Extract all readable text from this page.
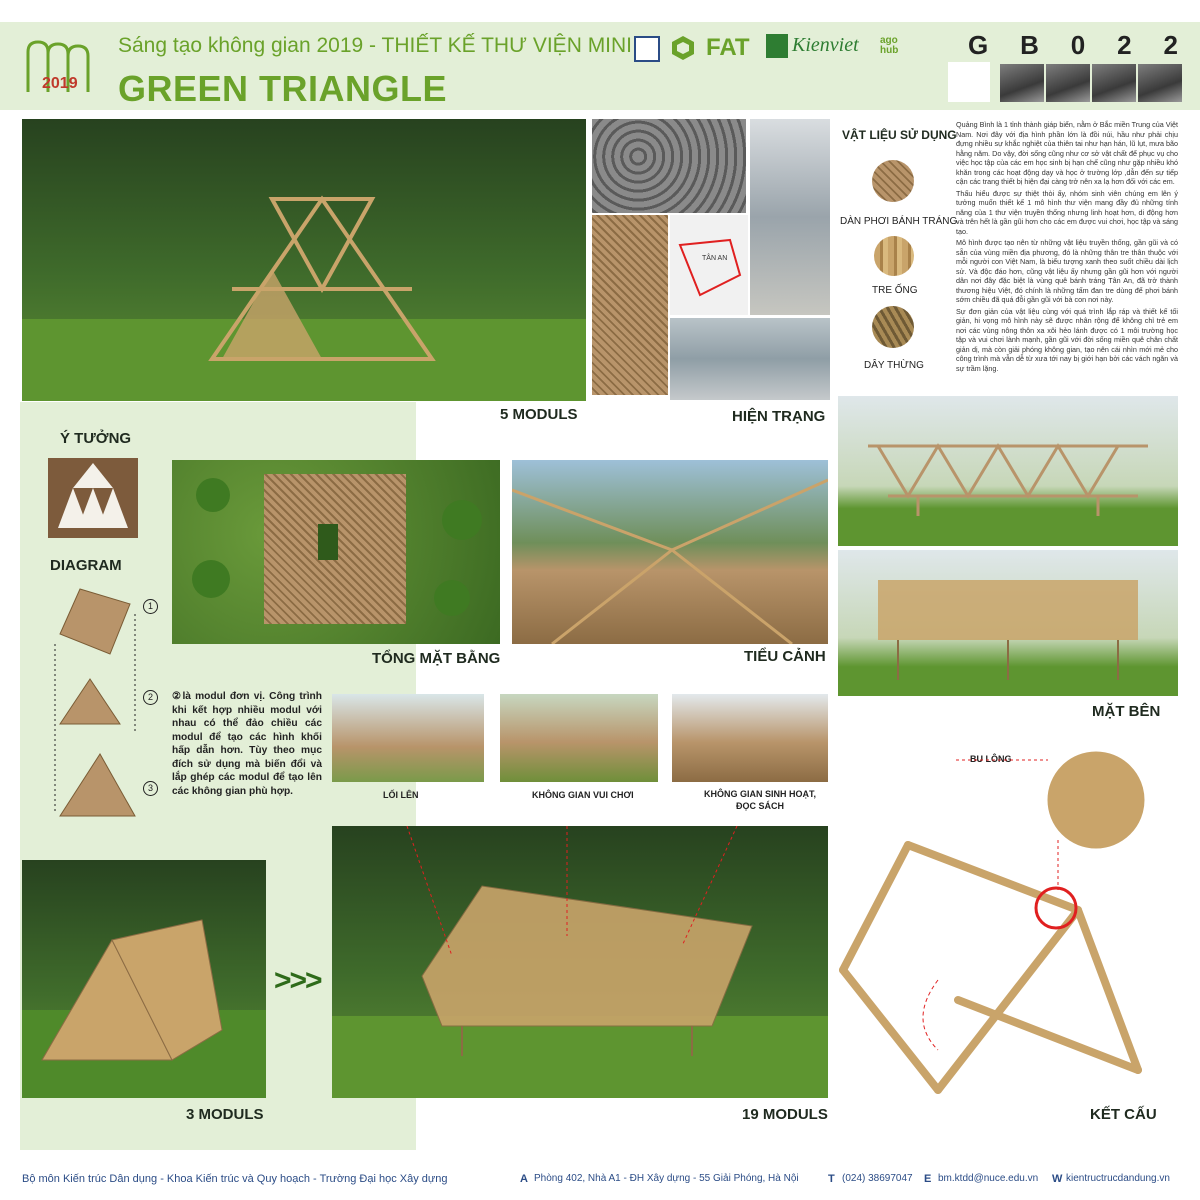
2019
Sáng tạo không gian 2019 - THIẾT KẾ THƯ VIỆN MINI
GREEN TRIANGLE
FAT Kienviet ago hub	G B 0 2 2
5 MODULS
TÂN AN
HIỆN TRẠNG
VẬT LIỆU SỬ DỤNG
DÀN PHƠI BÁNH TRÁNG
TRE ỐNG
DÂY THỪNG

Quảng Bình là 1 tỉnh thành giáp biển, nằm ở Bắc miền Trung của Việt Nam. Nơi đây với địa hình phần lớn là đồi núi, hầu như phải chịu đựng nhiều sự khắc nghiệt của thiên tai như hạn hán, lũ lụt, mưa bão hằng năm. Do vậy, đời sống cũng như cơ sở vật chất để phục vụ cho việc học tập của các em học sinh bị hạn chế cũng như gặp nhiều khó khăn trong các hoạt động dạy và học ở trường lớp ,dẫn đến sự tiếp cận các trang thiết bị hiện đại càng trở nên xa lạ hơn đối với các em.

Thấu hiểu được sự thiệt thòi ấy, nhóm sinh viên chúng em lên ý tưởng muốn thiết kế 1 mô hình thư viện mang đầy đủ những tính năng của 1 thư viện truyền thống nhưng linh hoạt hơn, di động hơn và trên hết là gần gũi hơn cho các em được vui chơi, học tập và sáng tạo.

Mô hình được tạo nên từ những vật liệu truyền thống, gần gũi và có sẵn của vùng miền địa phương, đó là những thân tre thân thuộc với mỗi người con Việt Nam, là biểu tượng xanh theo suốt chiều dài lịch sử. Và độc đáo hơn, cũng vật liệu ấy nhưng gần gũi hơn với người dân nơi đây đặc biệt là vùng quê bánh tráng Tân An, đã trở thành thương hiệu Việt, đó chính là những tấm đan tre dùng để phơi bánh sớm chiều đã quá đỗi gần gũi với bà con nơi này.

Sự đơn giản của vật liệu cùng với quá trình lắp ráp và thiết kế tối giản, hi vọng mô hình này sẽ được nhân rộng để không chỉ trẻ em nơi các vùng nông thôn xa xôi hẻo lánh được có 1 môi trường học tập và vui chơi lành mạnh, gần gũi với đời sống miền quê chân chất giản dị, mà còn giải phóng không gian, tạo nên cái nhìn mới mẻ cho công trình mà vẫn dễ từ xưa tới nay bị giới hạn bởi các vách ngăn và sự trầm lặng.

Ý TƯỞNG
DIAGRAM
1
2
3
②là modul đơn vị. Công trình khi kết hợp nhiều modul với nhau có thể đảo chiều các modul để tạo các hình khối hấp dẫn hơn. Tùy theo mục đích sử dụng mà biến đổi và lắp ghép các modul để tạo lên các không gian phù hợp.
TỔNG MẶT BẰNG	TIỂU CẢNH
MẶT BÊN
LỐI LÊN	KHÔNG GIAN VUI CHƠI	KHÔNG GIAN SINH HOẠT, ĐỌC SÁCH
3 MODULS
>>>
19 MODULS
BU LÔNG
KẾT CẤU
Bộ môn Kiến trúc Dân dụng - Khoa Kiến trúc và Quy hoạch - Trường Đại học Xây dựng	A Phòng 402, Nhà A1 - ĐH Xây dựng - 55 Giải Phóng, Hà Nội	T (024) 38697047 E bm.ktdd@nuce.edu.vn W kientructrucdandung.vn
